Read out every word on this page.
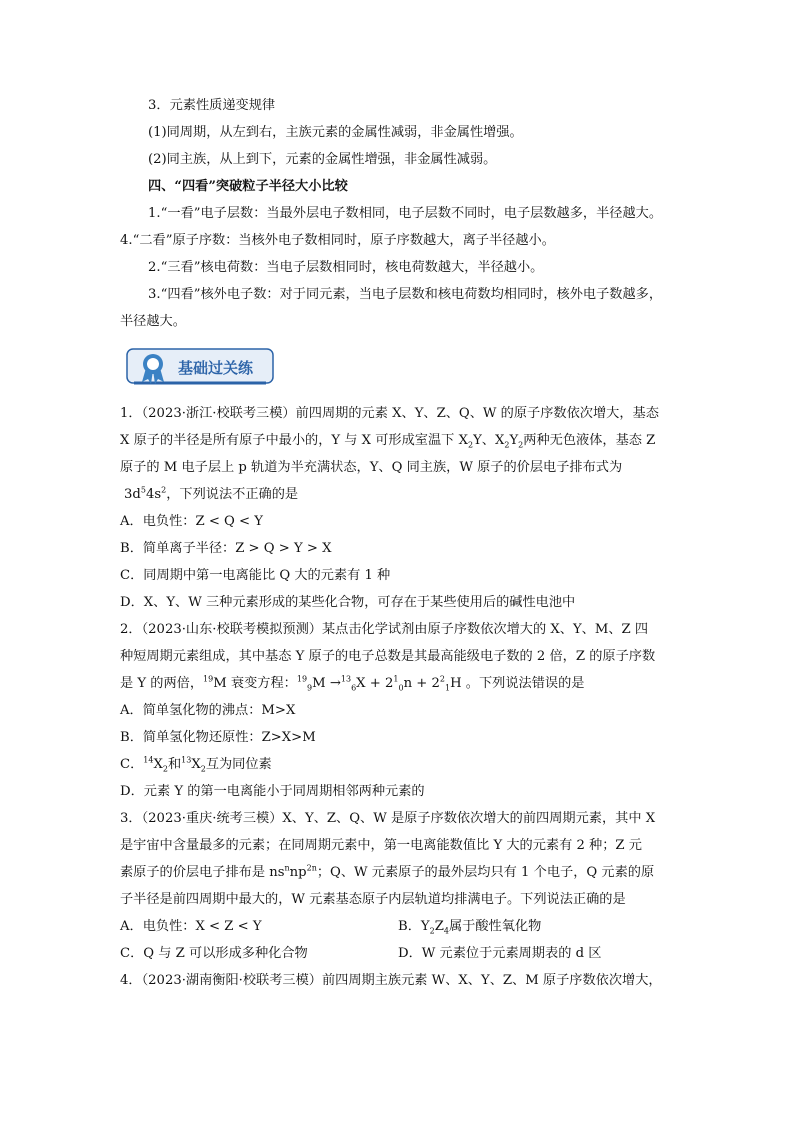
3．元素性质递变规律
(1)同周期，从左到右，主族元素的金属性减弱，非金属性增强。
(2)同主族，从上到下，元素的金属性增强，非金属性减弱。
四、“四看”突破粒子半径大小比较
1.“一看”电子层数：当最外层电子数相同，电子层数不同时，电子层数越多，半径越大。
4.“二看”原子序数：当核外电子数相同时，原子序数越大，离子半径越小。
2.“三看”核电荷数：当电子层数相同时，核电荷数越大，半径越小。
3.“四看”核外电子数：对于同元素，当电子层数和核电荷数均相同时，核外电子数越多，
半径越大。
基础过关练
1．（2023·浙江·校联考三模）前四周期的元素 X、Y、Z、Q、W 的原子序数依次增大，基态
X 原子的半径是所有原子中最小的，Y 与 X 可形成室温下 $X_2Y$、$X_2Y_2$两种无色液体，基态 Z
原子的 M 电子层上 p 轨道为半充满状态，Y、Q 同主族，W 原子的价层电子排布式为
$3d^54s^2$，下列说法不正确的是
A．电负性：Z < Q < Y
B．简单离子半径：Z > Q > Y > X
C．同周期中第一电离能比 Q 大的元素有 1 种
D．X、Y、W 三种元素形成的某些化合物，可存在于某些使用后的碱性电池中
2．（2023·山东·校联考模拟预测）某点击化学试剂由原子序数依次增大的 X、Y、M、Z 四
种短周期元素组成，其中基态 Y 原子的电子总数是其最高能级电子数的 2 倍，Z 的原子序数
是 Y 的两倍，$^{19}$M 衰变方程：$^{19}_9M \to^{13}_6X + 2^1_0n + 2^2_1H$ 。下列说法错误的是
A．简单氢化物的沸点：M>X
B．简单氢化物还原性：Z>X>M
C．$^{14}X_2$和$^{13}X_2$互为同位素
D．元素 Y 的第一电离能小于同周期相邻两种元素的
3．（2023·重庆·统考三模）X、Y、Z、Q、W 是原子序数依次增大的前四周期元素，其中 X
是宇宙中含量最多的元素；在同周期元素中，第一电离能数值比 Y 大的元素有 2 种；Z 元
素原子的价层电子排布是 $ns^nnp^{2n}$；Q、W 元素原子的最外层均只有 1 个电子，Q 元素的原
子半径是前四周期中最大的，W 元素基态原子内层轨道均排满电子。下列说法正确的是
A．电负性：X < Z < Y	B．$Y_2Z_4$属于酸性氧化物
C．Q 与 Z 可以形成多种化合物	D．W 元素位于元素周期表的 d 区
4．（2023·湖南衡阳·校联考三模）前四周期主族元素 W、X、Y、Z、M 原子序数依次增大，
